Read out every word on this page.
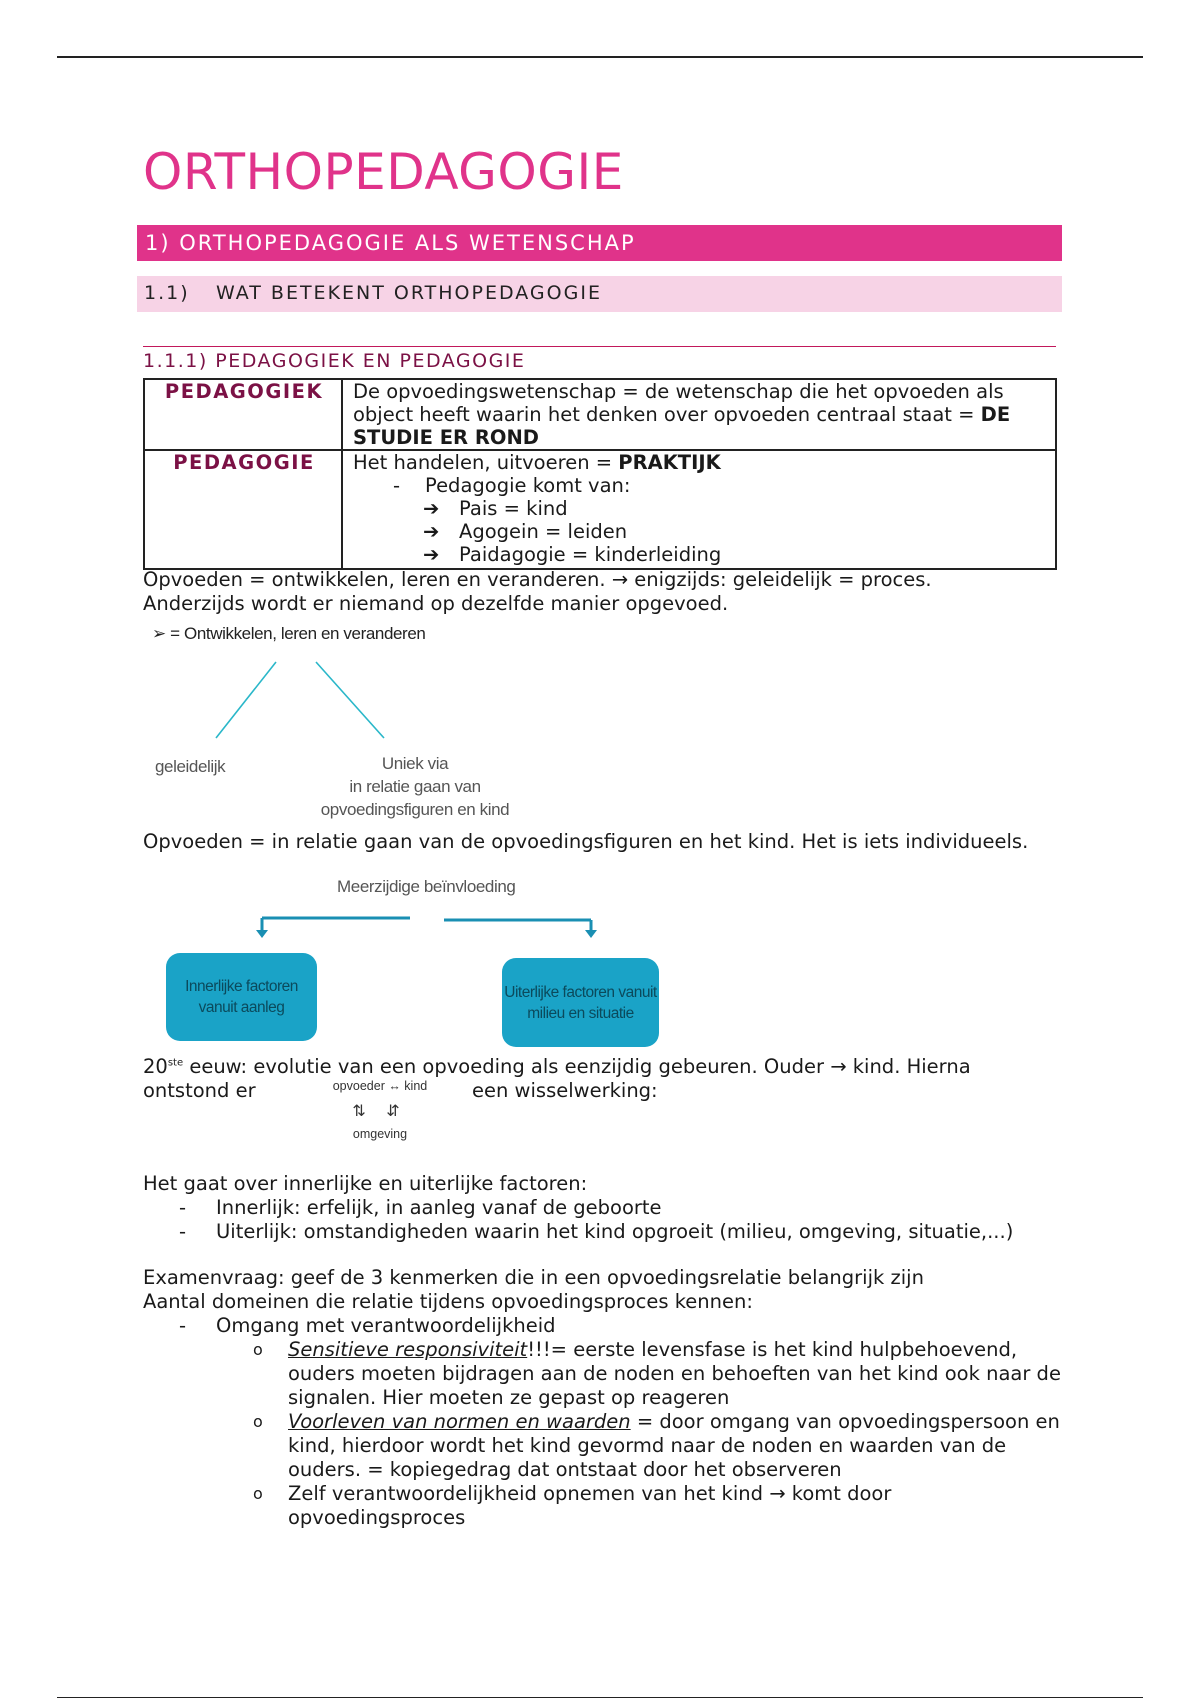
ORTHOPEDAGOGIE
1) ORTHOPEDAGOGIE ALS WETENSCHAP
1.1) WAT BETEKENT ORTHOPEDAGOGIE
1.1.1) PEDAGOGIEK EN PEDAGOGIE
PEDAGOGIEK	De opvoedingswetenschap = de wetenschap die het opvoeden als object heeft waarin het denken over opvoeden centraal staat = DE STUDIE ER ROND
PEDAGOGIE	Het handelen, uitvoeren = PRAKTIJK
- Pedagogie komt van:
➔ Pais = kind
➔ Agogein = leiden
➔ Paidagogie = kinderleiding
Opvoeden = ontwikkelen, leren en veranderen. → enigzijds: geleidelijk = proces.
Anderzijds wordt er niemand op dezelfde manier opgevoed.
➢ = Ontwikkelen, leren en veranderen
geleidelijk	Uniek via
in relatie gaan van
opvoedingsfiguren en kind
Opvoeden = in relatie gaan van de opvoedingsfiguren en het kind. Het is iets individueels.
Meerzijdige beïnvloeding
Innerlijke factoren vanuit aanleg
Uiterlijke factoren vanuit milieu en situatie
20ste eeuw: evolutie van een opvoeding als eenzijdig gebeuren. Ouder → kind. Hierna
ontstond er	opvoeder ↔ kind
⇅ ⇵
omgeving
een wisselwerking:
Het gaat over innerlijke en uiterlijke factoren:
- Innerlijk: erfelijk, in aanleg vanaf de geboorte
- Uiterlijk: omstandigheden waarin het kind opgroeit (milieu, omgeving, situatie,...)
Examenvraag: geef de 3 kenmerken die in een opvoedingsrelatie belangrijk zijn
Aantal domeinen die relatie tijdens opvoedingsproces kennen:
- Omgang met verantwoordelijkheid
o Sensitieve responsiviteit!!!= eerste levensfase is het kind hulpbehoevend, ouders moeten bijdragen aan de noden en behoeften van het kind ook naar de signalen. Hier moeten ze gepast op reageren
o Voorleven van normen en waarden = door omgang van opvoedingspersoon en kind, hierdoor wordt het kind gevormd naar de noden en waarden van de ouders. = kopiegedrag dat ontstaat door het observeren
o Zelf verantwoordelijkheid opnemen van het kind → komt door opvoedingsproces
